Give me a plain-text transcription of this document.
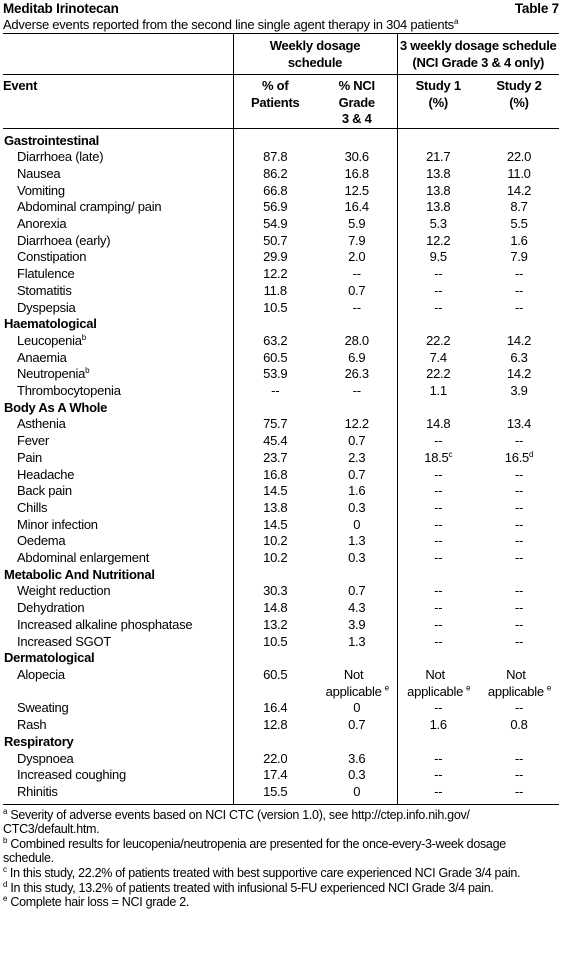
Meditab Irinotecan	Table 7
Adverse events reported from the second line single agent therapy in 304 patients$^a$

	Weekly dosage schedule		3 weekly dosage schedule (NCI Grade 3 & 4 only)	

Event	% of Patients	% NCI Grade 3 & 4	Study 1 (%)	Study 2 (%)

Gastrointestinal				
Diarrhoea (late)	87.8	30.6	21.7	22.0
Nausea	86.2	16.8	13.8	11.0
Vomiting	66.8	12.5	13.8	14.2
Abdominal cramping/ pain	56.9	16.4	13.8	8.7
Anorexia	54.9	5.9	5.3	5.5
Diarrhoea (early)	50.7	7.9	12.2	1.6
Constipation	29.9	2.0	9.5	7.9
Flatulence	12.2	--	--	--
Stomatitis	11.8	0.7	--	--
Dyspepsia	10.5	--	--	--
Haematological				
Leucopenia$^b$	63.2	28.0	22.2	14.2
Anaemia	60.5	6.9	7.4	6.3
Neutropenia$^b$	53.9	26.3	22.2	14.2
Thrombocytopenia	--	--	1.1	3.9
Body As A Whole				
Asthenia	75.7	12.2	14.8	13.4
Fever	45.4	0.7	--	--
Pain	23.7	2.3	18.5$^c$	16.5$^d$
Headache	16.8	0.7	--	--
Back pain	14.5	1.6	--	--
Chills	13.8	0.3	--	--
Minor infection	14.5	0	--	--
Oedema	10.2	1.3	--	--
Abdominal enlargement	10.2	0.3	--	--
Metabolic And Nutritional				
Weight reduction	30.3	0.7	--	--
Dehydration	14.8	4.3	--	--
Increased alkaline phosphatase	13.2	3.9	--	--
Increased SGOT	10.5	1.3	--	--
Dermatological				
Alopecia	60.5	Not applicable $^e$	Not applicable $^e$	Not applicable $^e$
Sweating	16.4	0	--	--
Rash	12.8	0.7	1.6	0.8
Respiratory				
Dyspnoea	22.0	3.6	--	--
Increased coughing	17.4	0.3	--	--
Rhinitis	15.5	0	--	--

$^a$ Severity of adverse events based on NCI CTC (version 1.0), see http://ctep.info.nih.gov/ CTC3/default.htm.

$^b$ Combined results for leucopenia/neutropenia are presented for the once-every-3-week dosage schedule.

$^c$ In this study, 22.2% of patients treated with best supportive care experienced NCI Grade 3/4 pain.

$^d$ In this study, 13.2% of patients treated with infusional 5-FU experienced NCI Grade 3/4 pain.

$^e$ Complete hair loss = NCI grade 2.
